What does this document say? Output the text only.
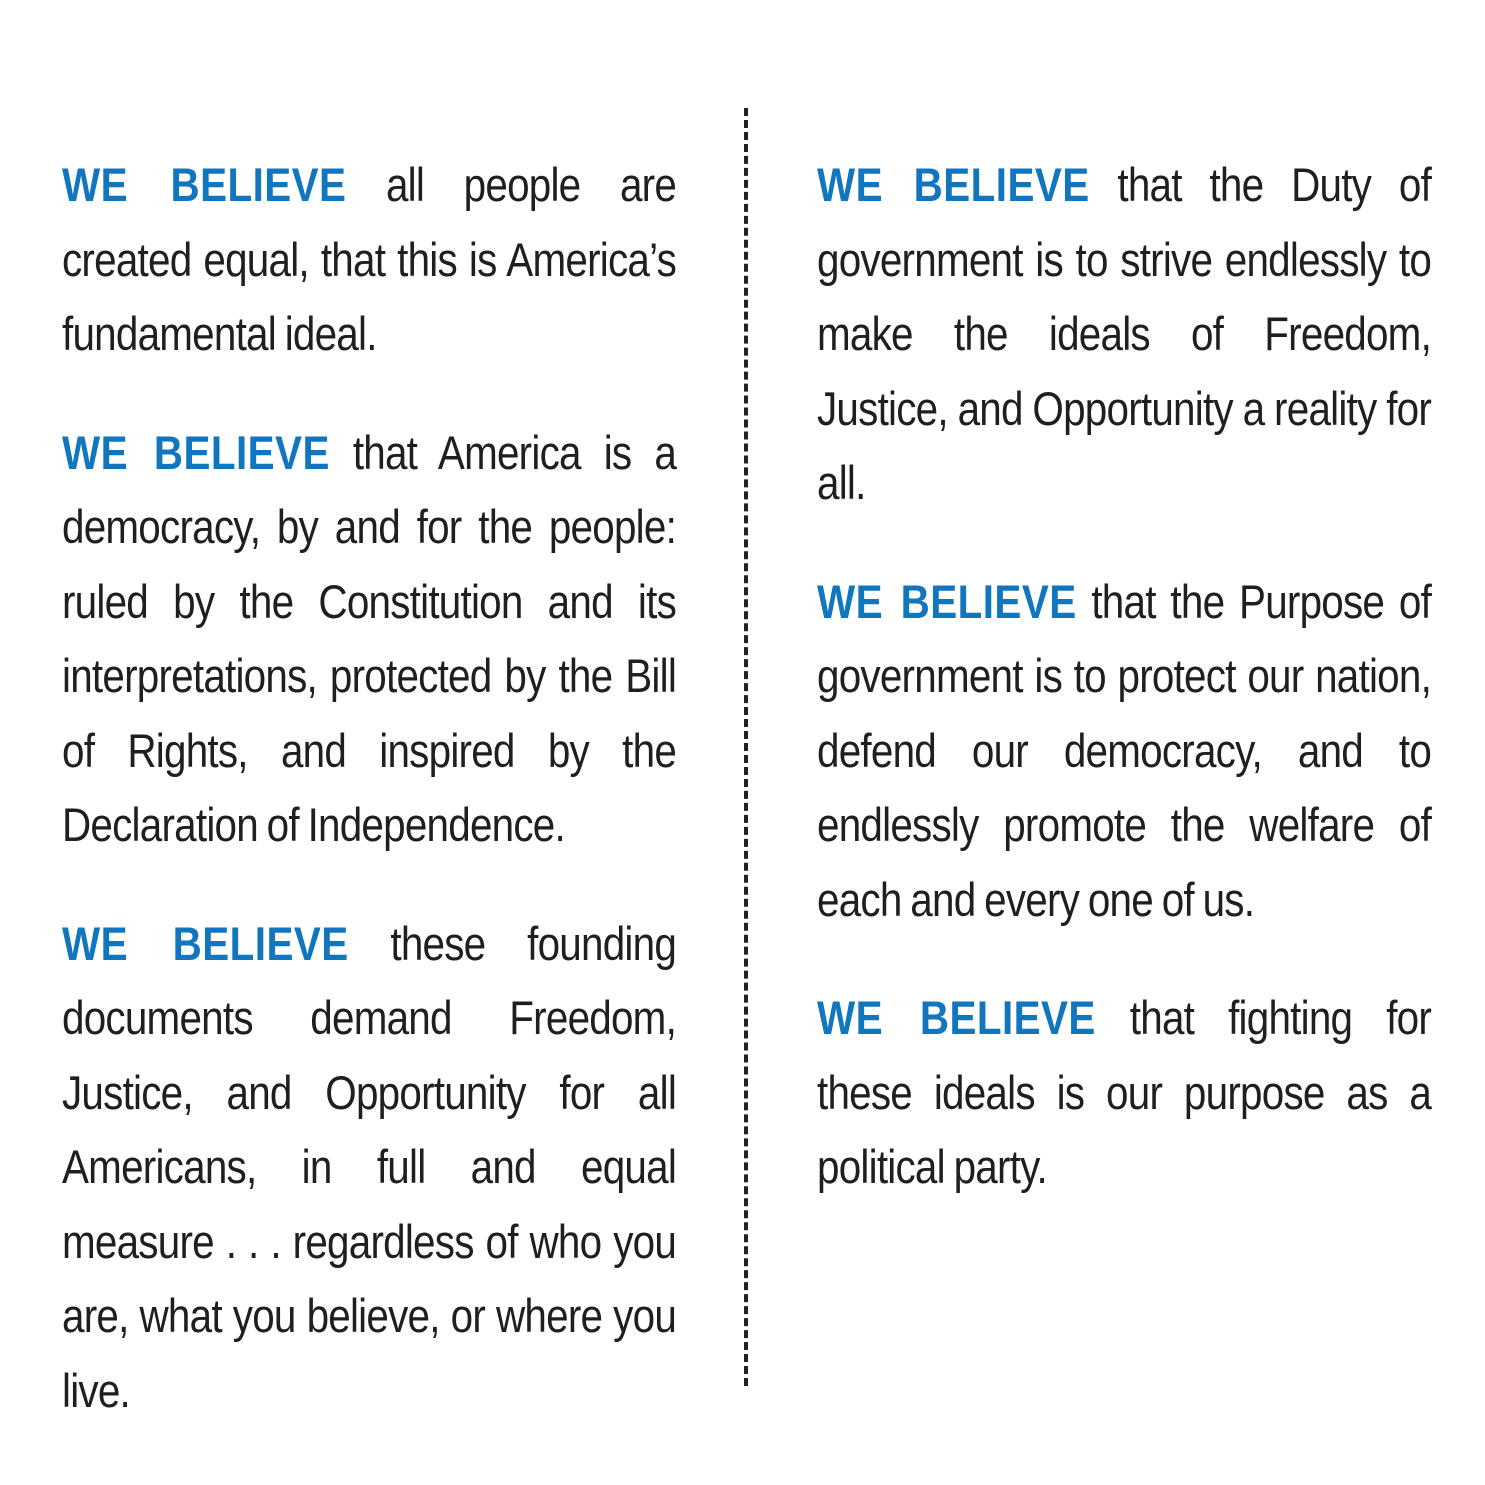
WE BELIEVE all people are created equal, that this is America’s fundamental ideal.

WE BELIEVE that America is a democracy, by and for the people: ruled by the Constitution and its interpretations, protected by the Bill of Rights, and inspired by the Declaration of Independence.

WE BELIEVE these founding documents demand Freedom, Justice, and Opportunity for all Americans, in full and equal measure . . . regardless of who you are, what you believe, or where you live.

WE BELIEVE that the Duty of government is to strive endlessly to make the ideals of Freedom, Justice, and Opportunity a reality for all.

WE BELIEVE that the Purpose of government is to protect our nation, defend our democracy, and to endlessly promote the welfare of each and every one of us.

WE BELIEVE that fighting for these ideals is our purpose as a political party.
